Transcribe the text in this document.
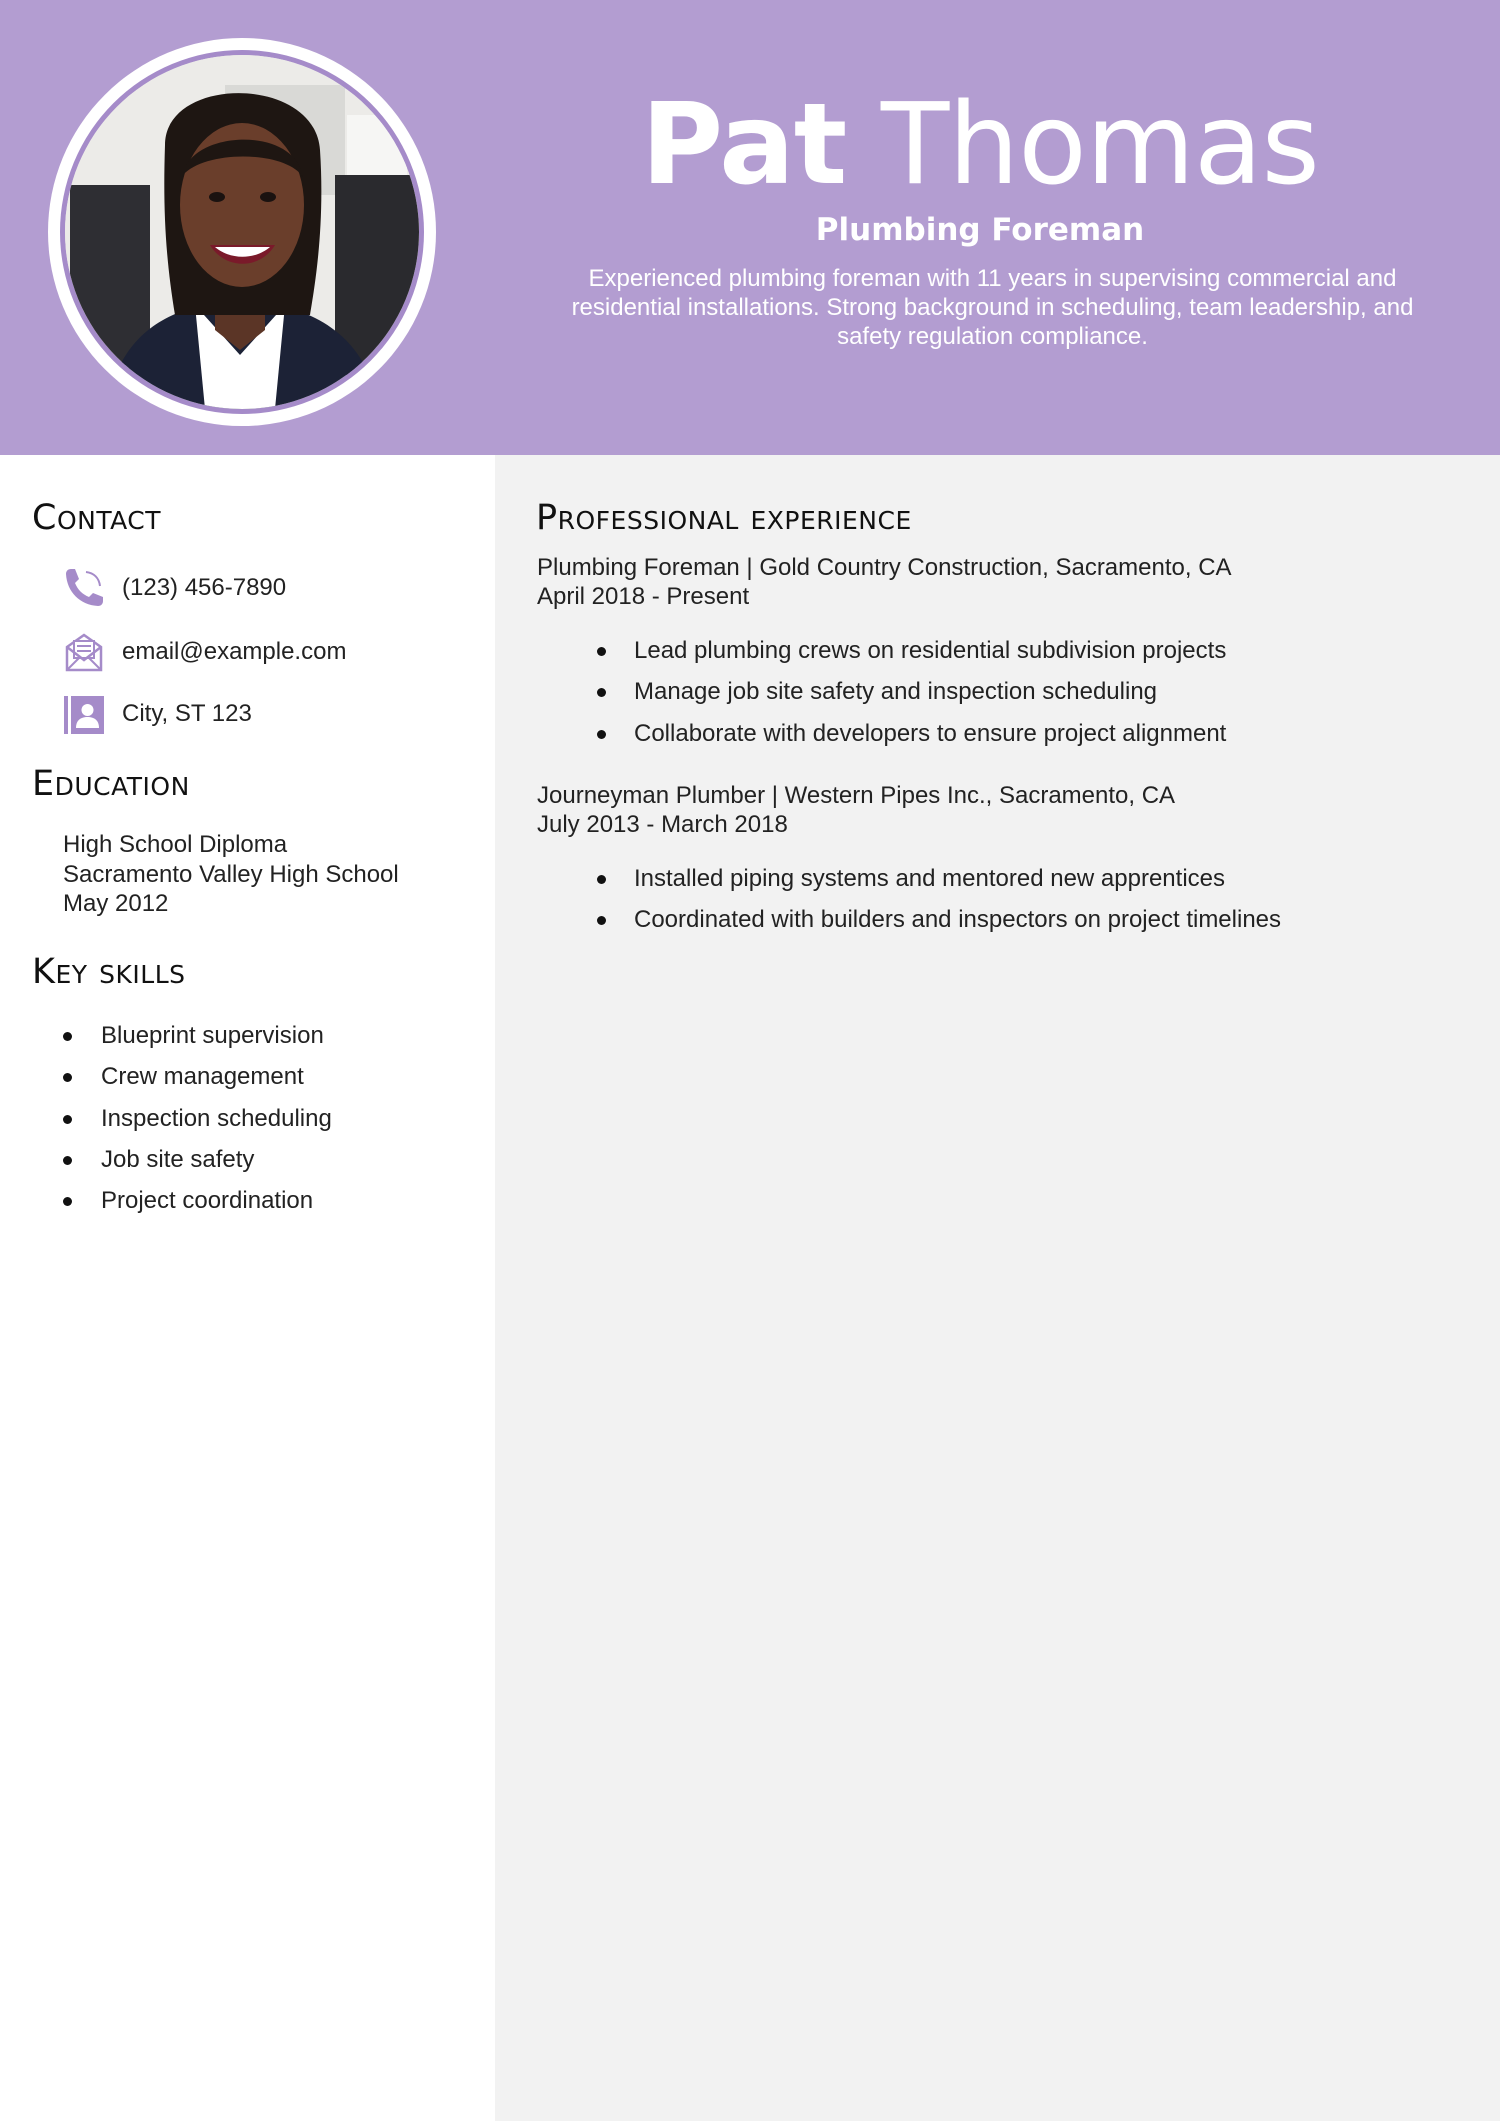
Pat Thomas
Plumbing Foreman
Experienced plumbing foreman with 11 years in supervising commercial and residential installations. Strong background in scheduling, team leadership, and safety regulation compliance.
Contact
(123) 456-7890
email@example.com
City, ST 123
Education
High School Diploma
Sacramento Valley High School
May 2012
Key skills
Blueprint supervision
Crew management
Inspection scheduling
Job site safety
Project coordination
Professional experience
Plumbing Foreman | Gold Country Construction, Sacramento, CA
April 2018 - Present
Lead plumbing crews on residential subdivision projects
Manage job site safety and inspection scheduling
Collaborate with developers to ensure project alignment
Journeyman Plumber | Western Pipes Inc., Sacramento, CA
July 2013 - March 2018
Installed piping systems and mentored new apprentices
Coordinated with builders and inspectors on project timelines
